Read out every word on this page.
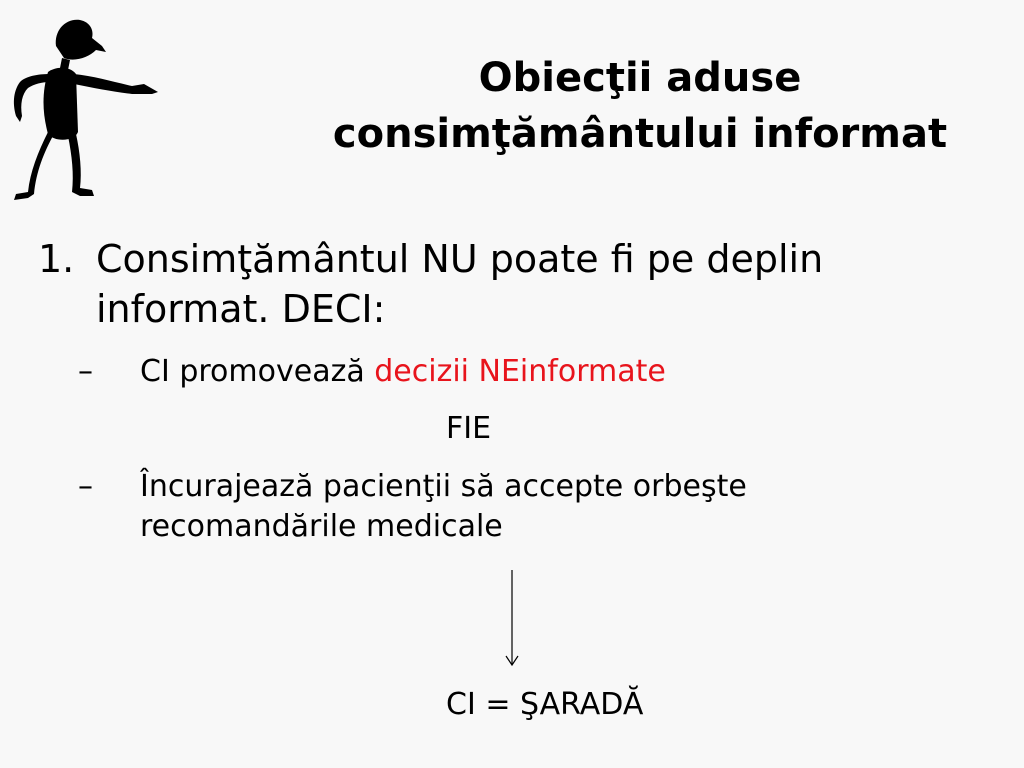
Obiecţii aduse
consimţământului informat
1. Consimţământul NU poate fi pe deplin informat. DECI:
– CI promovează decizii NEinformate
FIE
– Încurajează pacienţii să accepte orbeşte recomandările medicale
CI = ŞARADĂ
